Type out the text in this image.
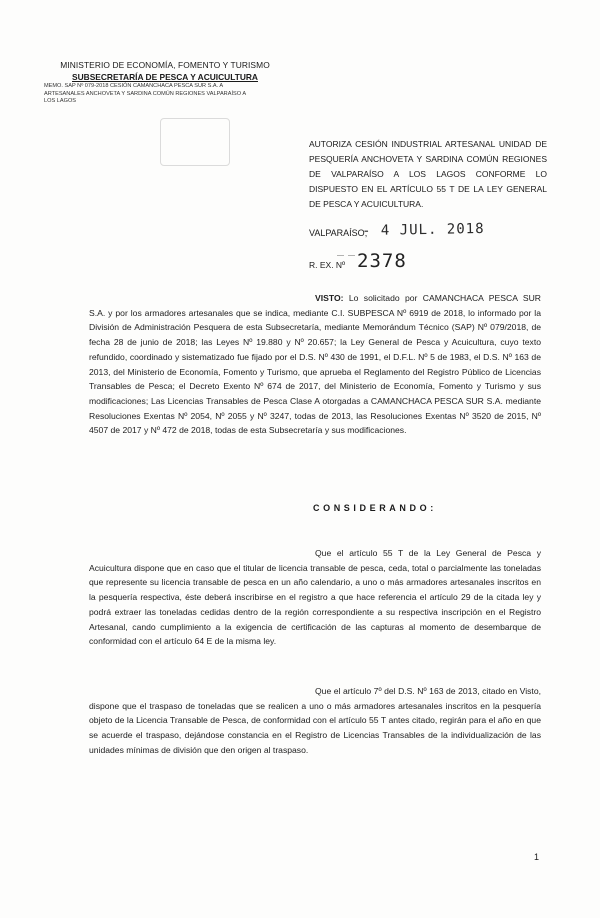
MINISTERIO DE ECONOMÍA, FOMENTO Y TURISMO
SUBSECRETARÍA DE PESCA Y ACUICULTURA
MEMO. SAP Nº 079-2018 CESIÓN CAMANCHACA PESCA SUR S.A. A
ARTESANALES ANCHOVETA Y SARDINA COMÚN REGIONES VALPARAÍSO A
LOS LAGOS
AUTORIZA CESIÓN INDUSTRIAL ARTESANAL UNIDAD DE PESQUERÍA ANCHOVETA Y SARDINA COMÚN REGIONES DE VALPARAÍSO A LOS LAGOS CONFORME LO DISPUESTO EN EL ARTÍCULO 55 T DE LA LEY GENERAL DE PESCA Y ACUICULTURA.
VALPARAÍSO,
- 4 JUL. 2018
— —
R. EX. Nº 2378
VISTO: Lo solicitado por CAMANCHACA PESCA SUR S.A. y por los armadores artesanales que se indica, mediante C.I. SUBPESCA Nº 6919 de 2018, lo informado por la División de Administración Pesquera de esta Subsecretaría, mediante Memorándum Técnico (SAP) Nº 079/2018, de fecha 28 de junio de 2018; las Leyes Nº 19.880 y Nº 20.657; la Ley General de Pesca y Acuicultura, cuyo texto refundido, coordinado y sistematizado fue fijado por el D.S. Nº 430 de 1991, el D.F.L. Nº 5 de 1983, el D.S. Nº 163 de 2013, del Ministerio de Economía, Fomento y Turismo, que aprueba el Reglamento del Registro Público de Licencias Transables de Pesca; el Decreto Exento Nº 674 de 2017, del Ministerio de Economía, Fomento y Turismo y sus modificaciones; Las Licencias Transables de Pesca Clase A otorgadas a CAMANCHACA PESCA SUR S.A. mediante Resoluciones Exentas Nº 2054, Nº 2055 y Nº 3247, todas de 2013, las Resoluciones Exentas Nº 3520 de 2015, Nº 4507 de 2017 y Nº 472 de 2018, todas de esta Subsecretaría y sus modificaciones.
CONSIDERANDO:
Que el artículo 55 T de la Ley General de Pesca y Acuicultura dispone que en caso que el titular de licencia transable de pesca, ceda, total o parcialmente las toneladas que represente su licencia transable de pesca en un año calendario, a uno o más armadores artesanales inscritos en la pesquería respectiva, éste deberá inscribirse en el registro a que hace referencia el artículo 29 de la citada ley y podrá extraer las toneladas cedidas dentro de la región correspondiente a su respectiva inscripción en el Registro Artesanal, cando cumplimiento a la exigencia de certificación de las capturas al momento de desembarque de conformidad con el artículo 64 E de la misma ley.
Que el artículo 7º del D.S. Nº 163 de 2013, citado en Visto, dispone que el traspaso de toneladas que se realicen a uno o más armadores artesanales inscritos en la pesquería objeto de la Licencia Transable de Pesca, de conformidad con el artículo 55 T antes citado, regirán para el año en que se acuerde el traspaso, dejándose constancia en el Registro de Licencias Transables de la individualización de las unidades mínimas de división que den origen al traspaso.
1
